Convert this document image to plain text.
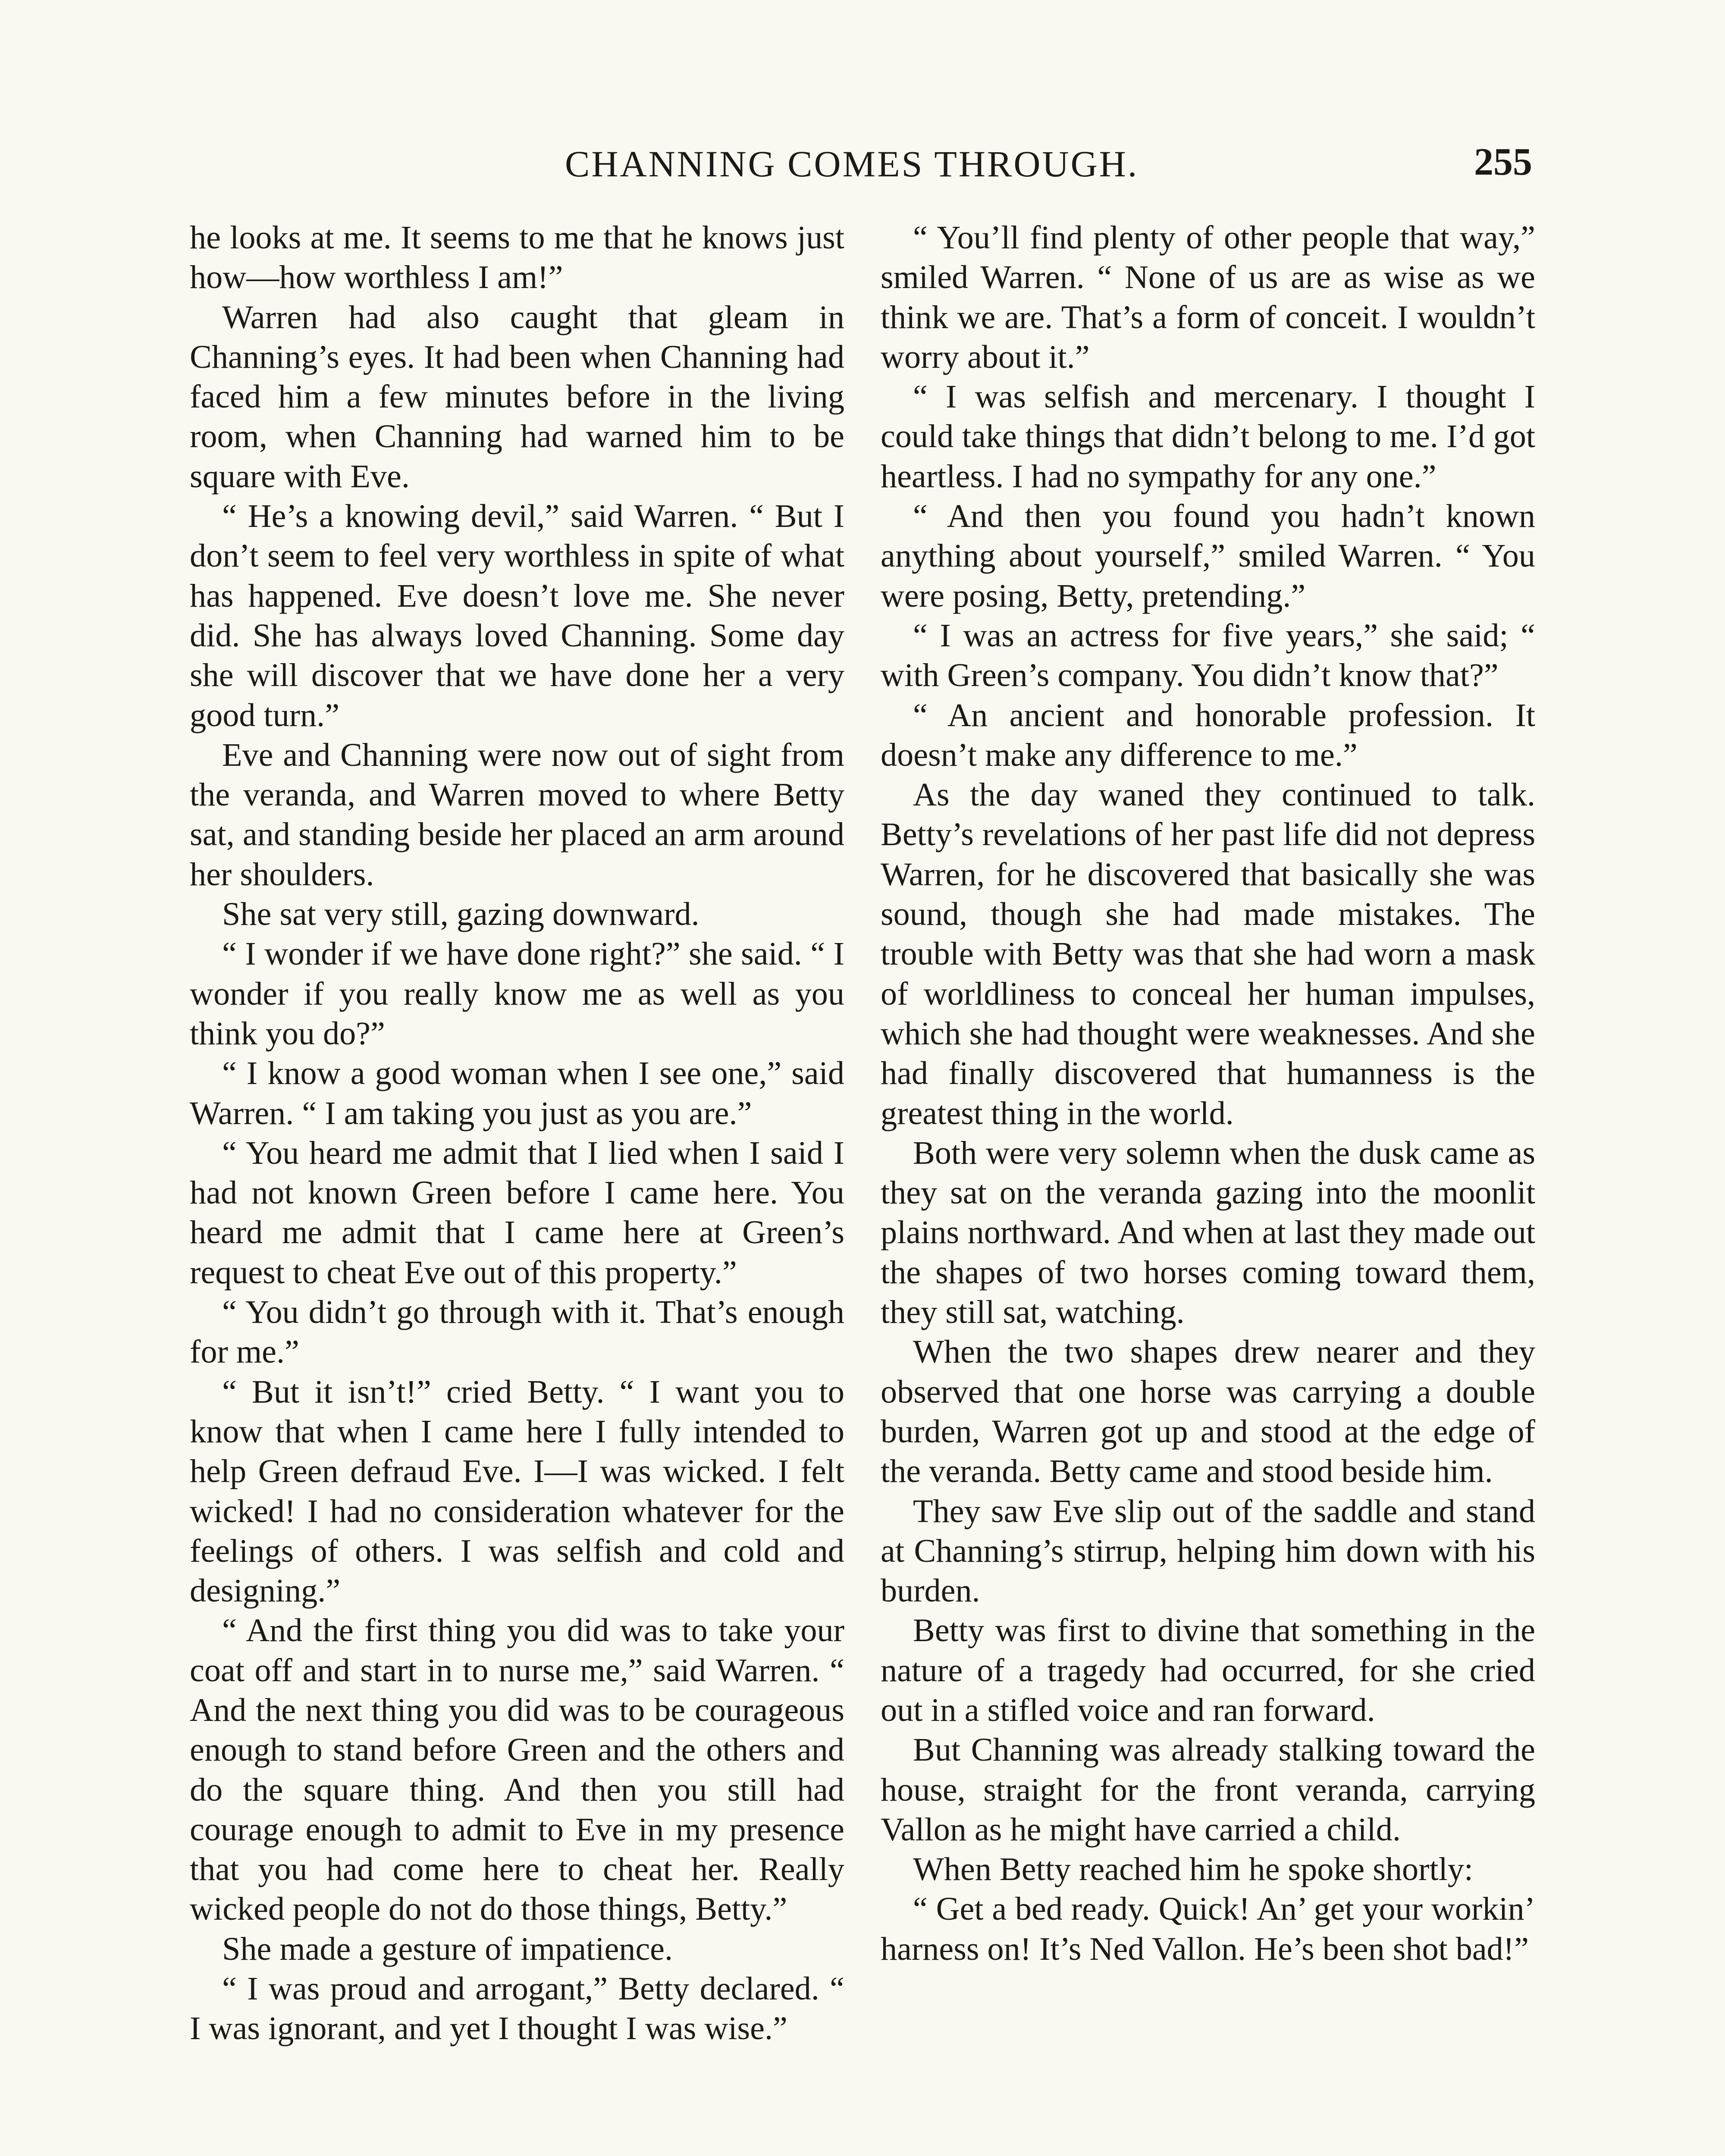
CHANNING COMES THROUGH.	255

he looks at me. It seems to me that he knows just how—how worthless I am!”

Warren had also caught that gleam in Channing’s eyes. It had been when Channing had faced him a few minutes before in the living room, when Channing had warned him to be square with Eve.

“ He’s a knowing devil,” said Warren. “ But I don’t seem to feel very worthless in spite of what has happened. Eve doesn’t love me. She never did. She has always loved Channing. Some day she will discover that we have done her a very good turn.”

Eve and Channing were now out of sight from the veranda, and Warren moved to where Betty sat, and standing beside her placed an arm around her shoulders.

She sat very still, gazing downward.

“ I wonder if we have done right?” she said. “ I wonder if you really know me as well as you think you do?”

“ I know a good woman when I see one,” said Warren. “ I am taking you just as you are.”

“ You heard me admit that I lied when I said I had not known Green before I came here. You heard me admit that I came here at Green’s request to cheat Eve out of this property.”

“ You didn’t go through with it. That’s enough for me.”

“ But it isn’t!” cried Betty. “ I want you to know that when I came here I fully intended to help Green defraud Eve. I—I was wicked. I felt wicked! I had no consideration whatever for the feelings of others. I was selfish and cold and designing.”

“ And the first thing you did was to take your coat off and start in to nurse me,” said Warren. “ And the next thing you did was to be courageous enough to stand before Green and the others and do the square thing. And then you still had courage enough to admit to Eve in my presence that you had come here to cheat her. Really wicked people do not do those things, Betty.”

She made a gesture of impatience.

“ I was proud and arrogant,” Betty declared. “ I was ignorant, and yet I thought I was wise.”

“ You’ll find plenty of other people that way,” smiled Warren. “ None of us are as wise as we think we are. That’s a form of conceit. I wouldn’t worry about it.”

“ I was selfish and mercenary. I thought I could take things that didn’t belong to me. I’d got heartless. I had no sympathy for any one.”

“ And then you found you hadn’t known anything about yourself,” smiled Warren. “ You were posing, Betty, pretending.”

“ I was an actress for five years,” she said; “ with Green’s company. You didn’t know that?”

“ An ancient and honorable profession. It doesn’t make any difference to me.”

As the day waned they continued to talk. Betty’s revelations of her past life did not depress Warren, for he discovered that basically she was sound, though she had made mistakes. The trouble with Betty was that she had worn a mask of worldliness to conceal her human impulses, which she had thought were weaknesses. And she had finally discovered that humanness is the greatest thing in the world.

Both were very solemn when the dusk came as they sat on the veranda gazing into the moonlit plains northward. And when at last they made out the shapes of two horses coming toward them, they still sat, watching.

When the two shapes drew nearer and they observed that one horse was carrying a double burden, Warren got up and stood at the edge of the veranda. Betty came and stood beside him.

They saw Eve slip out of the saddle and stand at Channing’s stirrup, helping him down with his burden.

Betty was first to divine that something in the nature of a tragedy had occurred, for she cried out in a stifled voice and ran forward.

But Channing was already stalking toward the house, straight for the front veranda, carrying Vallon as he might have carried a child.

When Betty reached him he spoke shortly:

“ Get a bed ready. Quick! An’ get your workin’ harness on! It’s Ned Vallon. He’s been shot bad!”
